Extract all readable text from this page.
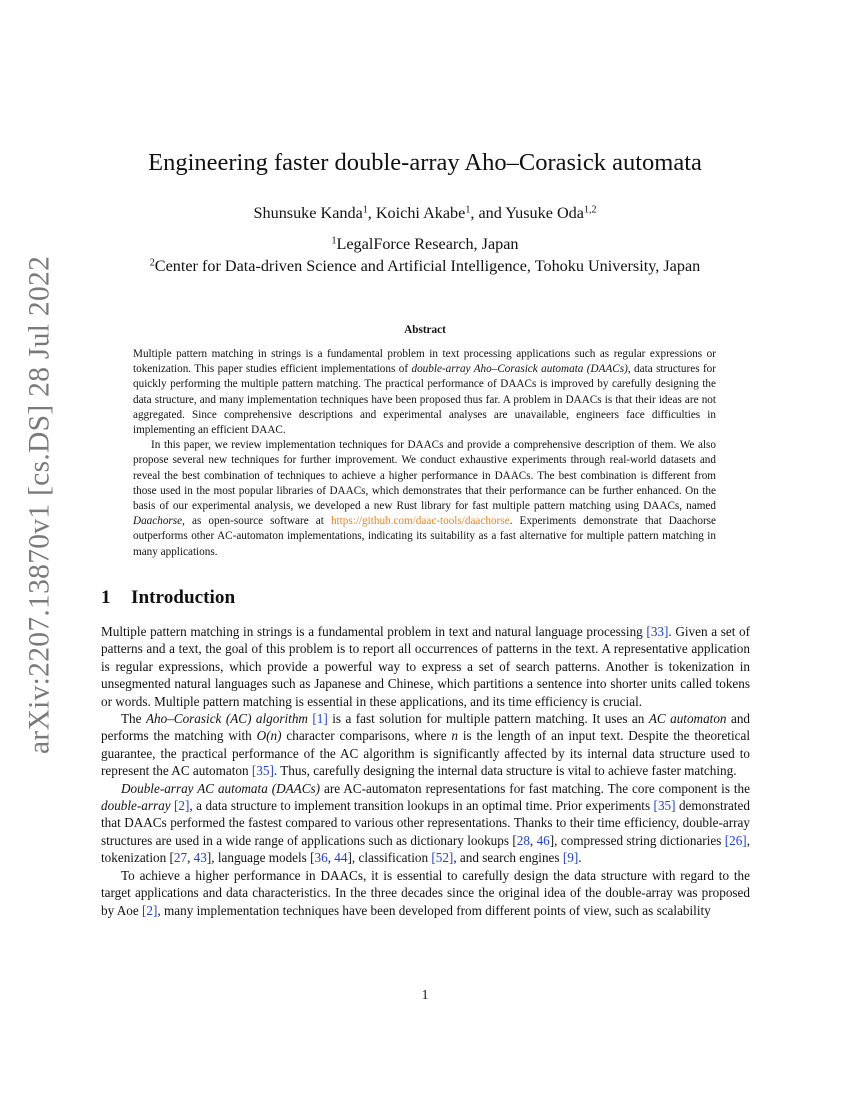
arXiv:2207.13870v1 [cs.DS] 28 Jul 2022
Engineering faster double-array Aho–Corasick automata
Shunsuke Kanda$^1$, Koichi Akabe$^1$, and Yusuke Oda$^{1,2}$
$^1$LegalForce Research, Japan
$^2$Center for Data-driven Science and Artificial Intelligence, Tohoku University, Japan
Abstract

Multiple pattern matching in strings is a fundamental problem in text processing applications such as regular expressions or tokenization. This paper studies efficient implementations of double-array Aho–Corasick automata (DAACs), data structures for quickly performing the multiple pattern matching. The practical performance of DAACs is improved by carefully designing the data structure, and many implementation techniques have been proposed thus far. A problem in DAACs is that their ideas are not aggregated. Since comprehensive descriptions and experimental analyses are unavailable, engineers face difficulties in implementing an efficient DAAC.

In this paper, we review implementation techniques for DAACs and provide a comprehensive description of them. We also propose several new techniques for further improvement. We conduct exhaustive experiments through real-world datasets and reveal the best combination of techniques to achieve a higher performance in DAACs. The best combination is different from those used in the most popular libraries of DAACs, which demonstrates that their performance can be further enhanced. On the basis of our experimental analysis, we developed a new Rust library for fast multiple pattern matching using DAACs, named Daachorse, as open-source software at https://github.com/daac-tools/daachorse. Experiments demonstrate that Daachorse outperforms other AC-automaton implementations, indicating its suitability as a fast alternative for multiple pattern matching in many applications.

1 Introduction

Multiple pattern matching in strings is a fundamental problem in text and natural language processing [33]. Given a set of patterns and a text, the goal of this problem is to report all occurrences of patterns in the text. A representative application is regular expressions, which provide a powerful way to express a set of search patterns. Another is tokenization in unsegmented natural languages such as Japanese and Chinese, which partitions a sentence into shorter units called tokens or words. Multiple pattern matching is essential in these applications, and its time efficiency is crucial.

The Aho–Corasick (AC) algorithm [1] is a fast solution for multiple pattern matching. It uses an AC automaton and performs the matching with O(n) character comparisons, where n is the length of an input text. Despite the theoretical guarantee, the practical performance of the AC algorithm is significantly affected by its internal data structure used to represent the AC automaton [35]. Thus, carefully designing the internal data structure is vital to achieve faster matching.

Double-array AC automata (DAACs) are AC-automaton representations for fast matching. The core component is the double-array [2], a data structure to implement transition lookups in an optimal time. Prior experiments [35] demonstrated that DAACs performed the fastest compared to various other representations. Thanks to their time efficiency, double-array structures are used in a wide range of applications such as dictionary lookups [28, 46], compressed string dictionaries [26], tokenization [27, 43], language models [36, 44], classification [52], and search engines [9].

To achieve a higher performance in DAACs, it is essential to carefully design the data structure with regard to the target applications and data characteristics. In the three decades since the original idea of the double-array was proposed by Aoe [2], many implementation techniques have been developed from different points of view, such as scalability

1
